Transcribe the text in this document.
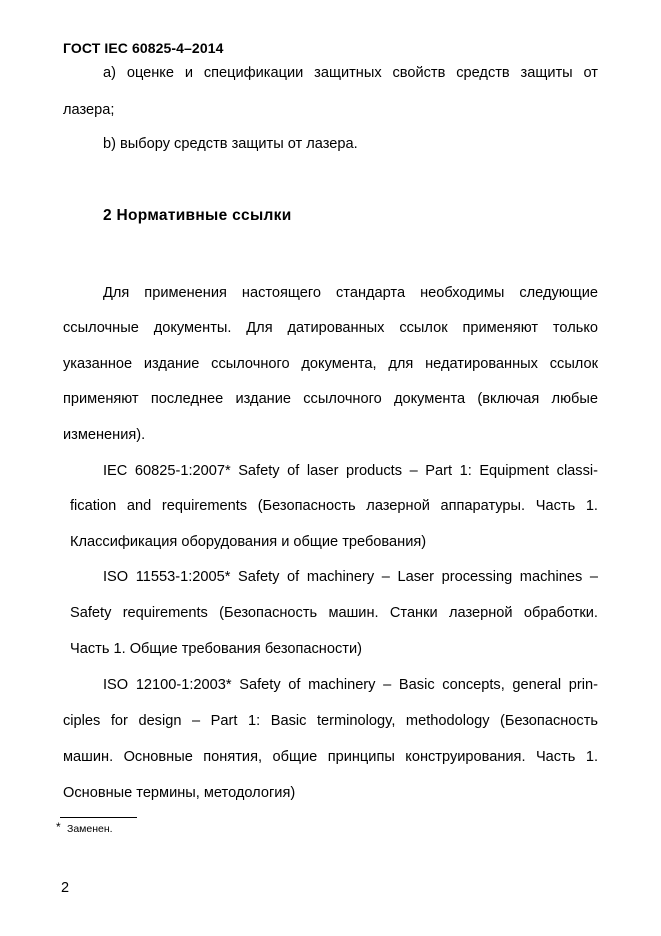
ГОСТ IEC 60825-4–2014
а) оценке и спецификации защитных свойств средств защиты от
лазера;
b) выбору средств защиты от лазера.
2 Нормативные ссылки
Для применения настоящего стандарта необходимы следующие
ссылочные документы. Для датированных ссылок применяют только
указанное издание ссылочного документа, для недатированных ссылок
применяют последнее издание ссылочного документа (включая любые
изменения).
IEC 60825-1:2007* Safety of laser products – Part 1: Equipment classi-
fication and requirements (Безопасность лазерной аппаратуры. Часть 1.
Классификация оборудования и общие требования)
ISO 11553-1:2005* Safety of machinery – Laser processing machines –
Safety requirements (Безопасность машин. Станки лазерной обработки.
Часть 1. Общие требования безопасности)
ISO 12100-1:2003* Safety of machinery – Basic concepts, general prin-
ciples for design – Part 1: Basic terminology, methodology (Безопасность
машин. Основные понятия, общие принципы конструирования. Часть 1.
Основные термины, методология)
* Заменен.
2
